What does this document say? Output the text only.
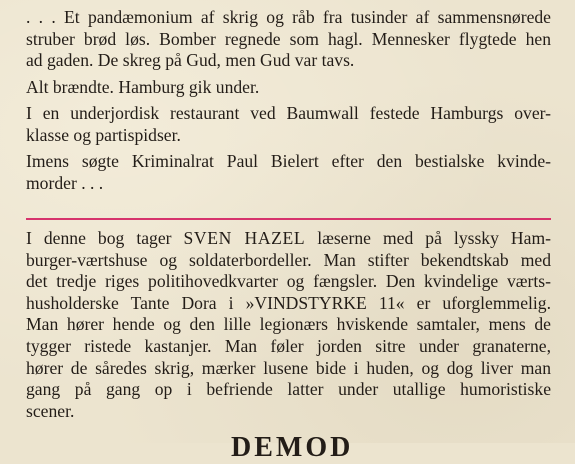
. . . Et pandæmonium af skrig og råb fra tusinder af sammensnørede
struber brød løs. Bomber regnede som hagl. Mennesker flygtede hen
ad gaden. De skreg på Gud, men Gud var tavs.

Alt brændte. Hamburg gik under.

I en underjordisk restaurant ved Baumwall festede Hamburgs over-
klasse og partispidser.

Imens søgte Kriminalrat Paul Bielert efter den bestialske kvinde-
morder . . .

I denne bog tager SVEN HAZEL læserne med på lysskу Ham-
burger-værtshuse og soldaterbordeller. Man stifter bekendtskab med
det tredje riges politihovedkvarter og fængsler. Den kvindelige værts-
husholderske Tante Dora i »VINDSTYRKE 11« er uforglemmelig.
Man hører hende og den lille legionærs hviskende samtaler, mens de
tygger ristede kastanjer. Man føler jorden sitre under granaterne,
hører de såredes skrig, mærker lusene bide i huden, og dog liver man
gang på gang op i befriende latter under utallige humoristiske
scener.

DEMOD
